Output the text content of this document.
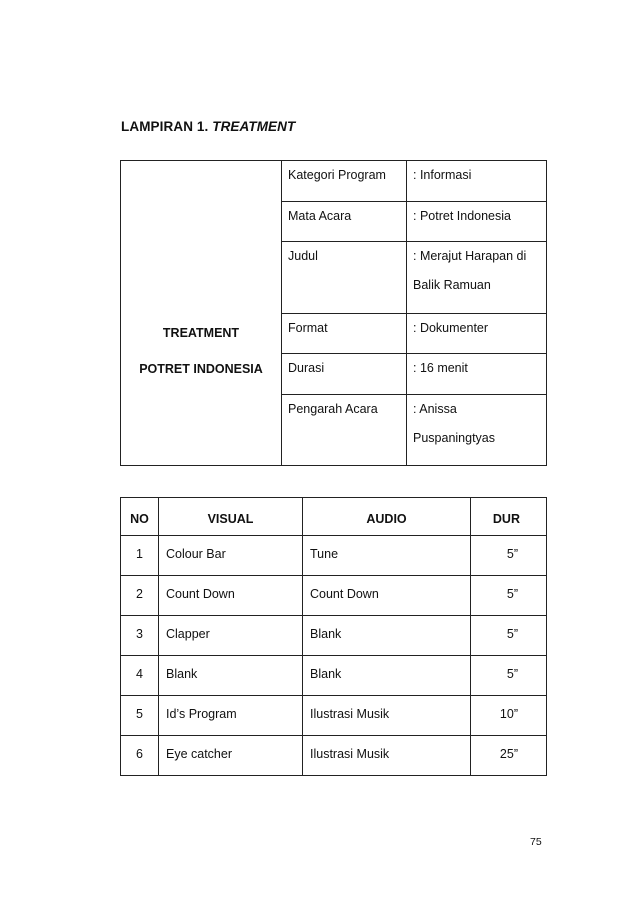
LAMPIRAN 1. TREATMENT
TREATMENT
POTRET INDONESIA	Kategori Program	: Informasi
	Mata Acara	: Potret Indonesia
	Judul	: Merajut Harapan di
Balik Ramuan

	Format	: Dokumenter
	Durasi	: 16 menit
	Pengarah Acara	: Anissa
Puspaningtyas
NO	VISUAL	AUDIO	DUR
1	Colour Bar	Tune	5”
2	Count Down	Count Down	5”
3	Clapper	Blank	5”
4	Blank	Blank	5”
5	Id’s Program	Ilustrasi Musik	10”
6	Eye catcher	Ilustrasi Musik	25”
75
